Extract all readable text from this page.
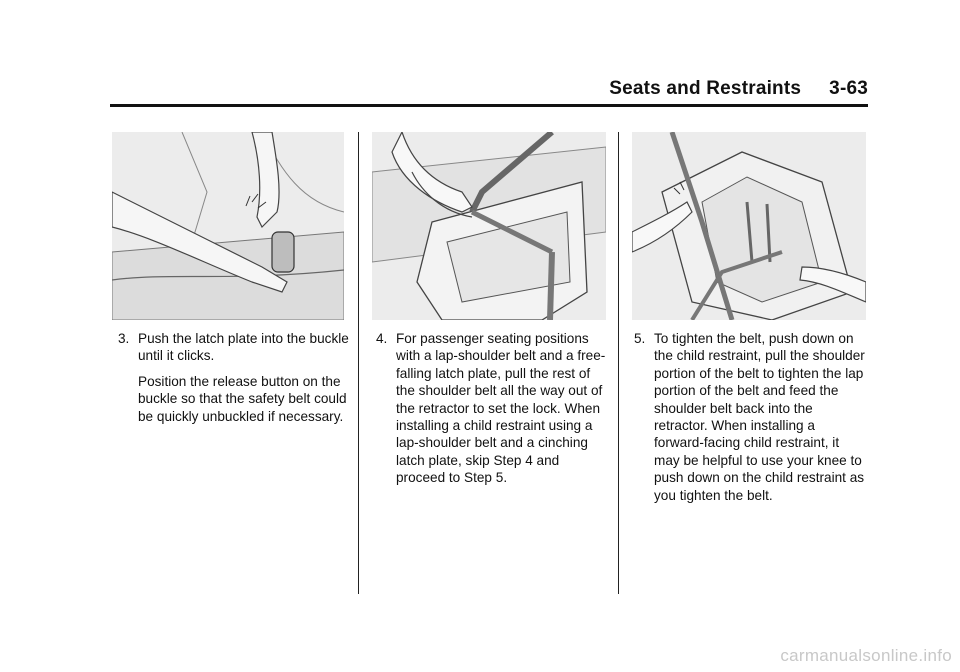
Seats and Restraints 3-63
3. Push the latch plate into the buckle until it clicks.

Position the release button on the buckle so that the safety belt could be quickly unbuckled if necessary.

4. For passenger seating positions with a lap-shoulder belt and a free-falling latch plate, pull the rest of the shoulder belt all the way out of the retractor to set the lock. When installing a child restraint using a lap-shoulder belt and a cinching latch plate, skip Step 4 and proceed to Step 5.
5. To tighten the belt, push down on the child restraint, pull the shoulder portion of the belt to tighten the lap portion of the belt and feed the shoulder belt back into the retractor. When installing a forward-facing child restraint, it may be helpful to use your knee to push down on the child restraint as you tighten the belt.
carmanualsonline.info
